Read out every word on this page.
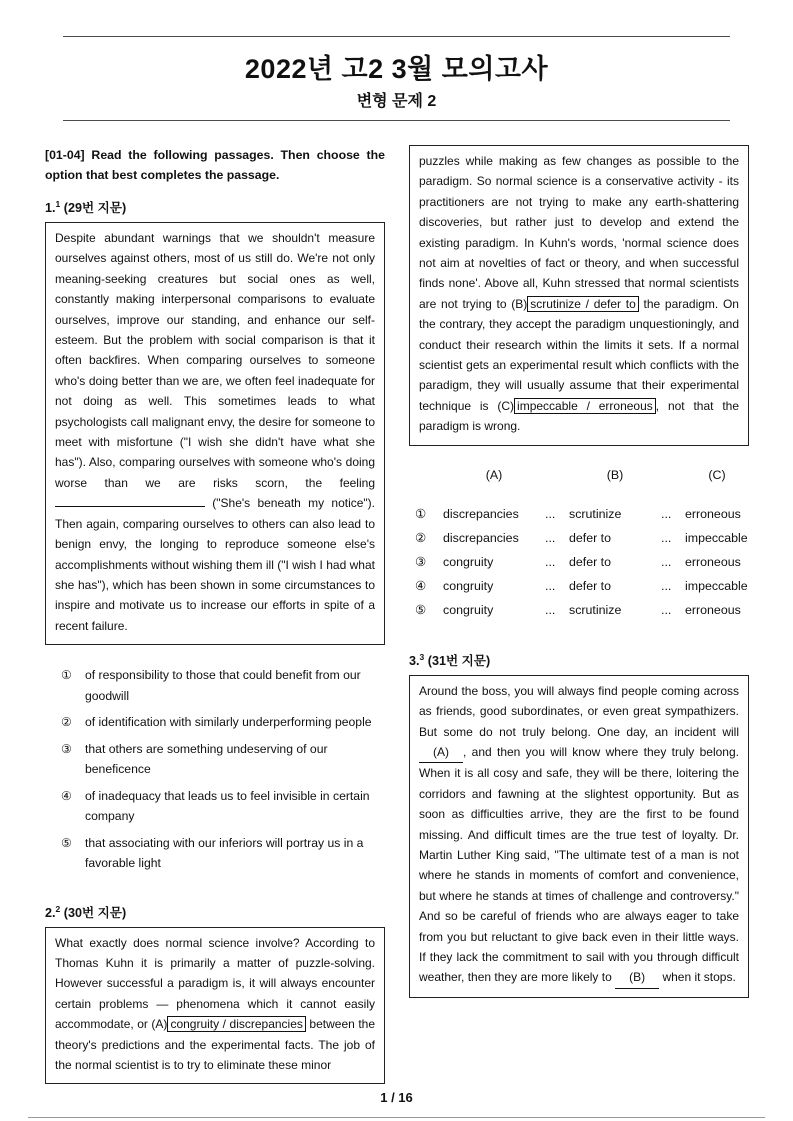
2022년 고2 3월 모의고사
변형 문제 2

[01-04] Read the following passages. Then choose the option that best completes the passage.

1.$^1$ (29번 지문)
Despite abundant warnings that we shouldn't measure ourselves against others, most of us still do. We're not only meaning-seeking creatures but social ones as well, constantly making interpersonal comparisons to evaluate ourselves, improve our standing, and enhance our self-esteem. But the problem with social comparison is that it often backfires. When comparing ourselves to someone who's doing better than we are, we often feel inadequate for not doing as well. This sometimes leads to what psychologists call malignant envy, the desire for someone to meet with misfortune ("I wish she didn't have what she has"). Also, comparing ourselves with someone who's doing worse than we are risks scorn, the feeling  ("She's beneath my notice"). Then again, comparing ourselves to others can also lead to benign envy, the longing to reproduce someone else's accomplishments without wishing them ill ("I wish I had what she has"), which has been shown in some circumstances to inspire and motivate us to increase our efforts in spite of a recent failure.
①	of responsibility to those that could benefit from our goodwill
②	of identification with similarly underperforming people
③	that others are something undeserving of our beneficence
④	of inadequacy that leads us to feel invisible in certain company
⑤	that associating with our inferiors will portray us in a favorable light
2.$^2$ (30번 지문)
What exactly does normal science involve? According to Thomas Kuhn it is primarily a matter of puzzle-solving. However successful a paradigm is, it will always encounter certain problems — phenomena which it cannot easily accommodate, or (A) congruity / discrepancies between the theory's predictions and the experimental facts. The job of the normal scientist is to try to eliminate these minor
puzzles while making as few changes as possible to the paradigm. So normal science is a conservative activity - its practitioners are not trying to make any earth-shattering discoveries, but rather just to develop and extend the existing paradigm. In Kuhn's words, 'normal science does not aim at novelties of fact or theory, and when successful finds none'. Above all, Kuhn stressed that normal scientists are not trying to (B) scrutinize / defer to the paradigm. On the contrary, they accept the paradigm unquestioningly, and conduct their research within the limits it sets. If a normal scientist gets an experimental result which conflicts with the paradigm, they will usually assume that their experimental technique is (C) impeccable / erroneous , not that the paradigm is wrong.
(A)	(B)	(C)
①	discrepancies	...	scrutinize	...	erroneous
②	discrepancies	...	defer to	...	impeccable
③	congruity	...	defer to	...	erroneous
④	congruity	...	defer to	...	impeccable
⑤	congruity	...	scrutinize	...	erroneous
3.$^3$ (31번 지문)
Around the boss, you will always find people coming across as friends, good subordinates, or even great sympathizers. But some do not truly belong. One day, an incident will (A) , and then you will know where they truly belong. When it is all cosy and safe, they will be there, loitering the corridors and fawning at the slightest opportunity. But as soon as difficulties arrive, they are the first to be found missing. And difficult times are the true test of loyalty. Dr. Martin Luther King said, "The ultimate test of a man is not where he stands in moments of comfort and convenience, but where he stands at times of challenge and controversy." And so be careful of friends who are always eager to take from you but reluctant to give back even in their little ways. If they lack the commitment to sail with you through difficult weather, then they are more likely to (B) when it stops.
1 / 16
